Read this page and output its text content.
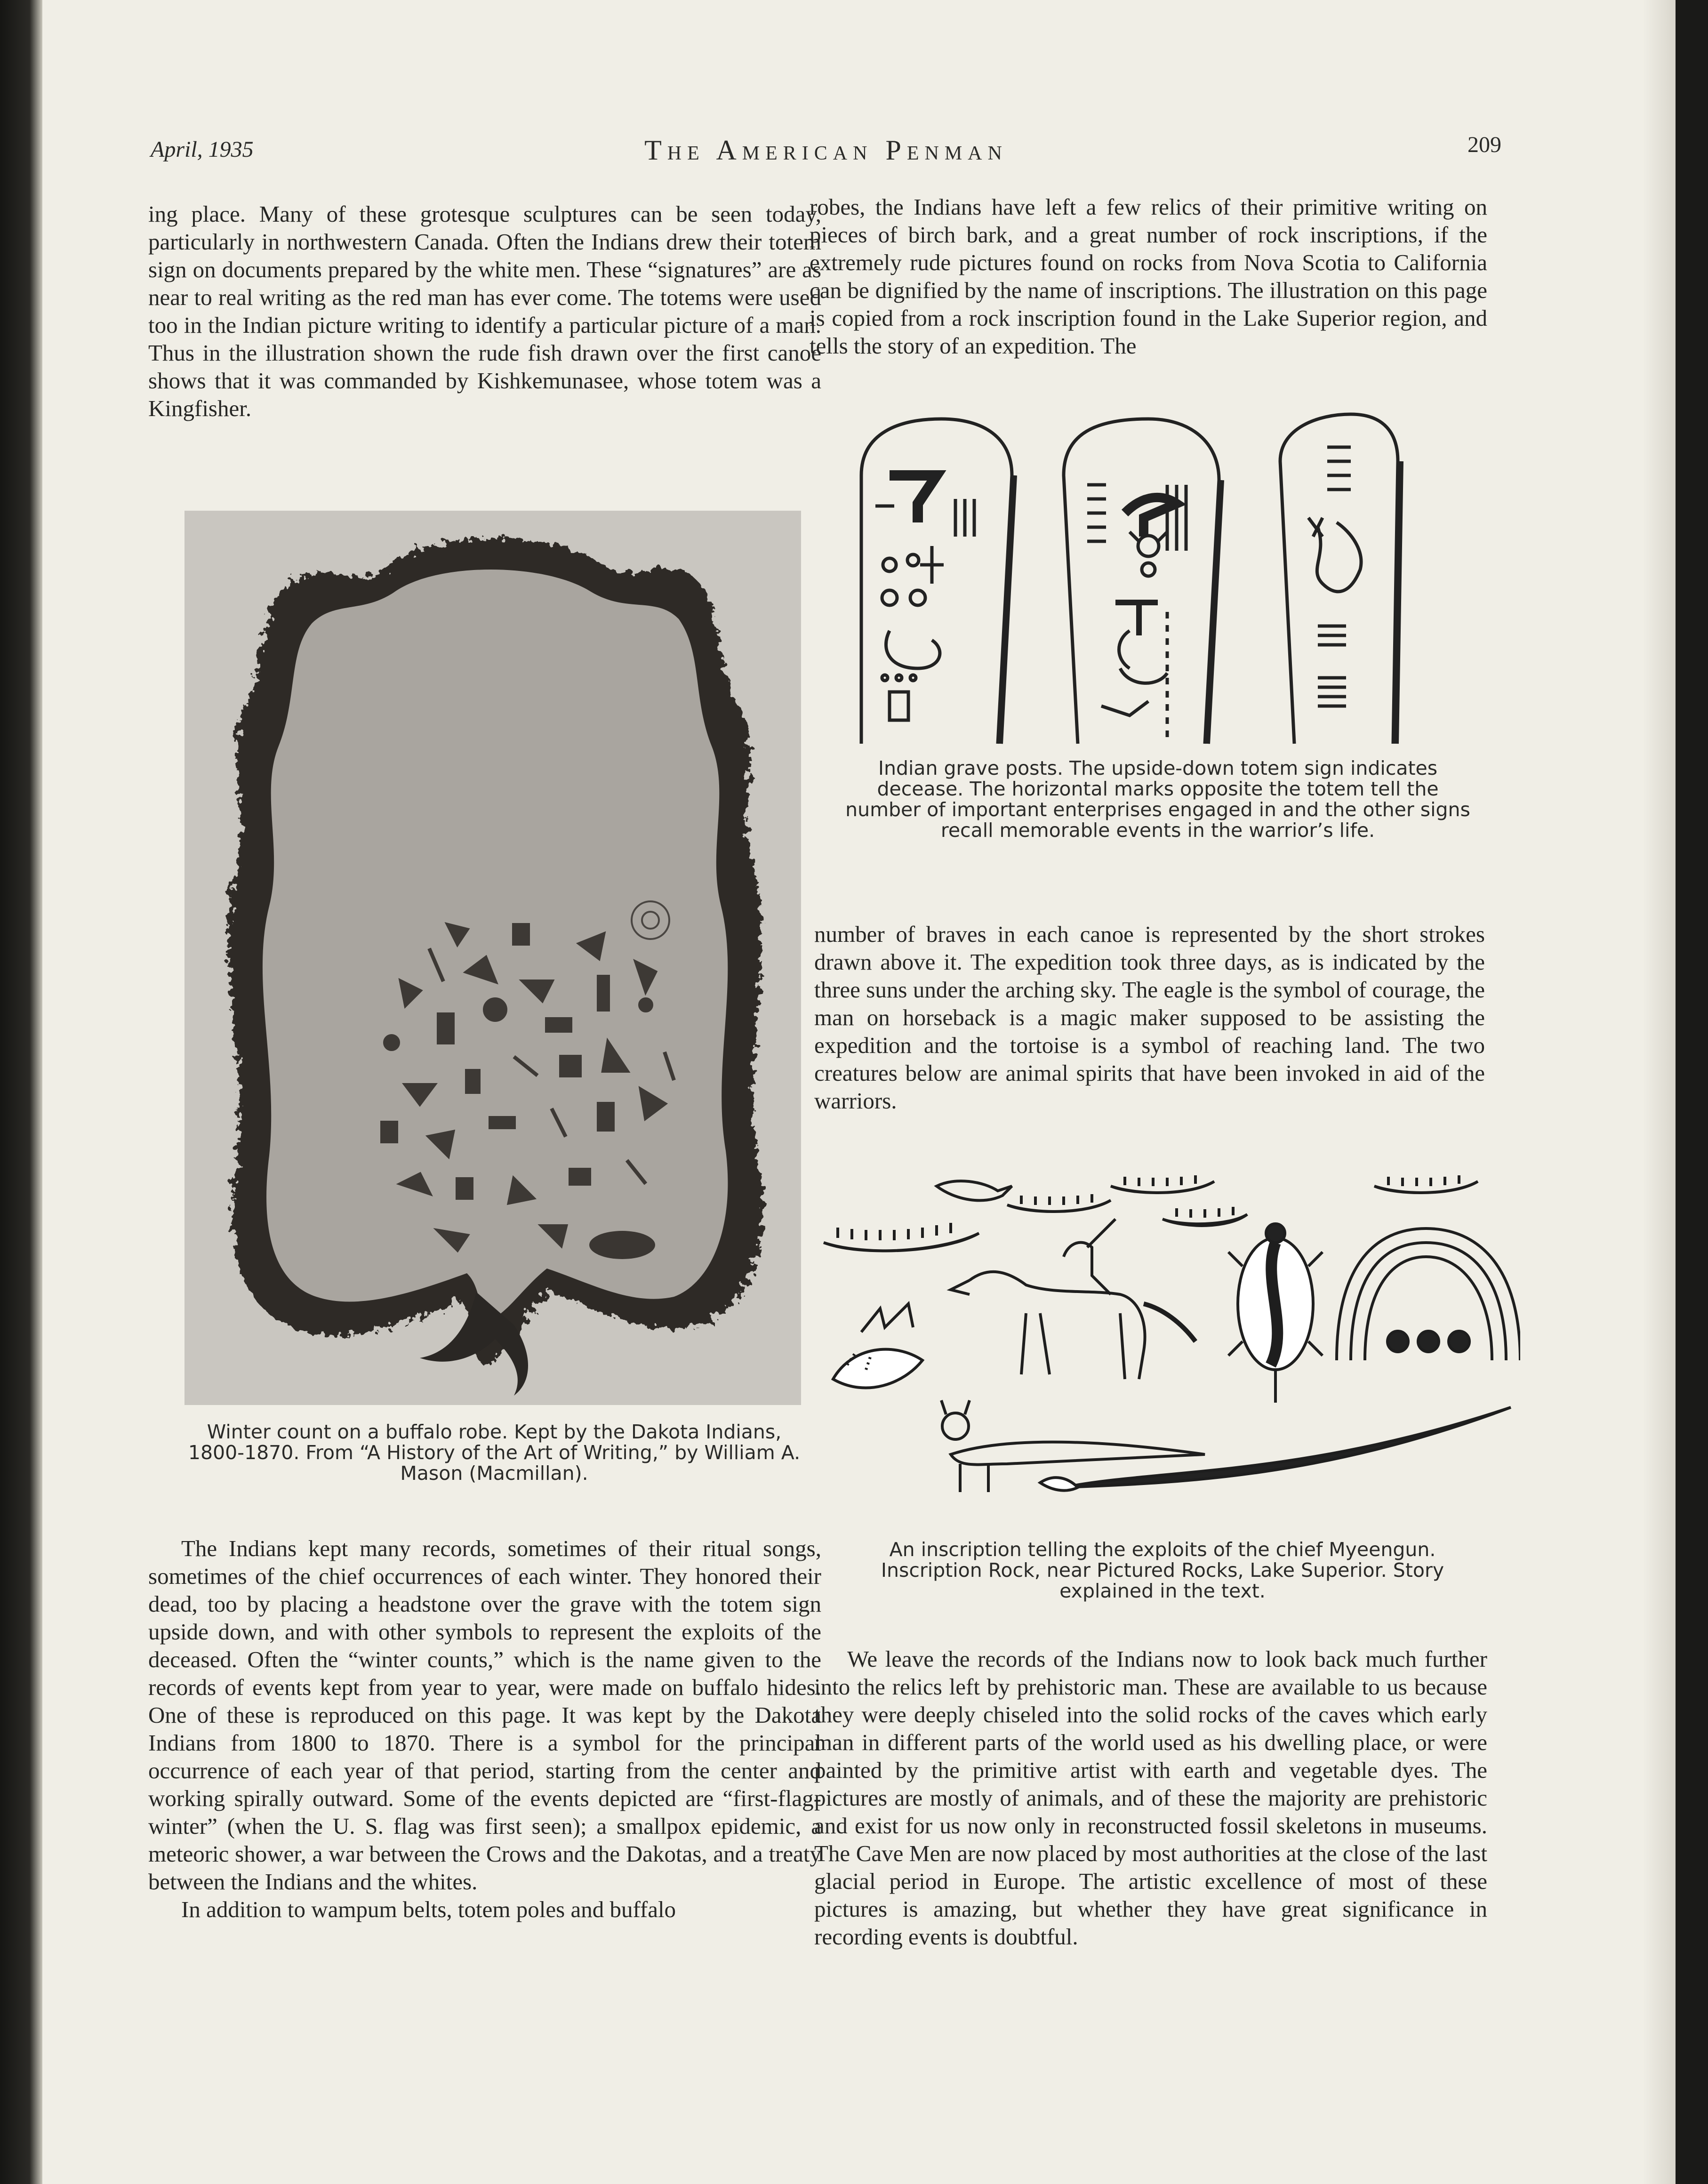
April, 1935	The American Penman	209

ing place. Many of these grotesque sculptures can be seen today, particularly in northwestern Canada. Often the Indians drew their totem sign on documents prepared by the white men. These “signatures” are as near to real writing as the red man has ever come. The totems were used too in the Indian picture writing to identify a particular picture of a man. Thus in the illustration shown the rude fish drawn over the first canoe shows that it was commanded by Kishkemunasee, whose totem was a Kingfisher.

Winter count on a buffalo robe. Kept by the Dakota Indians, 1800-1870. From “A History of the Art of Writing,” by William A. Mason (Macmillan).

The Indians kept many records, sometimes of their ritual songs, sometimes of the chief occurrences of each winter. They honored their dead, too by placing a headstone over the grave with the totem sign upside down, and with other symbols to represent the exploits of the deceased. Often the “winter counts,” which is the name given to the records of events kept from year to year, were made on buffalo hides. One of these is reproduced on this page. It was kept by the Dakota Indians from 1800 to 1870. There is a symbol for the principal occurrence of each year of that period, starting from the center and working spirally outward. Some of the events depicted are “first-flag-winter” (when the U. S. flag was first seen); a smallpox epidemic, a meteoric shower, a war between the Crows and the Dakotas, and a treaty between the Indians and the whites.

In addition to wampum belts, totem poles and buffalo

robes, the Indians have left a few relics of their primitive writing on pieces of birch bark, and a great number of rock inscriptions, if the extremely rude pictures found on rocks from Nova Scotia to California can be dignified by the name of inscriptions. The illustration on this page is copied from a rock inscription found in the Lake Superior region, and tells the story of an expedition. The

Indian grave posts. The upside-down totem sign indicates decease. The horizontal marks opposite the totem tell the number of important enterprises engaged in and the other signs recall memorable events in the warrior’s life.

number of braves in each canoe is represented by the short strokes drawn above it. The expedition took three days, as is indicated by the three suns under the arching sky. The eagle is the symbol of courage, the man on horseback is a magic maker supposed to be assisting the expedition and the tortoise is a symbol of reaching land. The two creatures below are animal spirits that have been invoked in aid of the warriors.

An inscription telling the exploits of the chief Myeengun. Inscription Rock, near Pictured Rocks, Lake Superior. Story explained in the text.

We leave the records of the Indians now to look back much further into the relics left by prehistoric man. These are available to us because they were deeply chiseled into the solid rocks of the caves which early man in different parts of the world used as his dwelling place, or were painted by the primitive artist with earth and vegetable dyes. The pictures are mostly of animals, and of these the majority are prehistoric and exist for us now only in reconstructed fossil skeletons in museums. The Cave Men are now placed by most authorities at the close of the last glacial period in Europe. The artistic excellence of most of these pictures is amazing, but whether they have great significance in recording events is doubtful.
